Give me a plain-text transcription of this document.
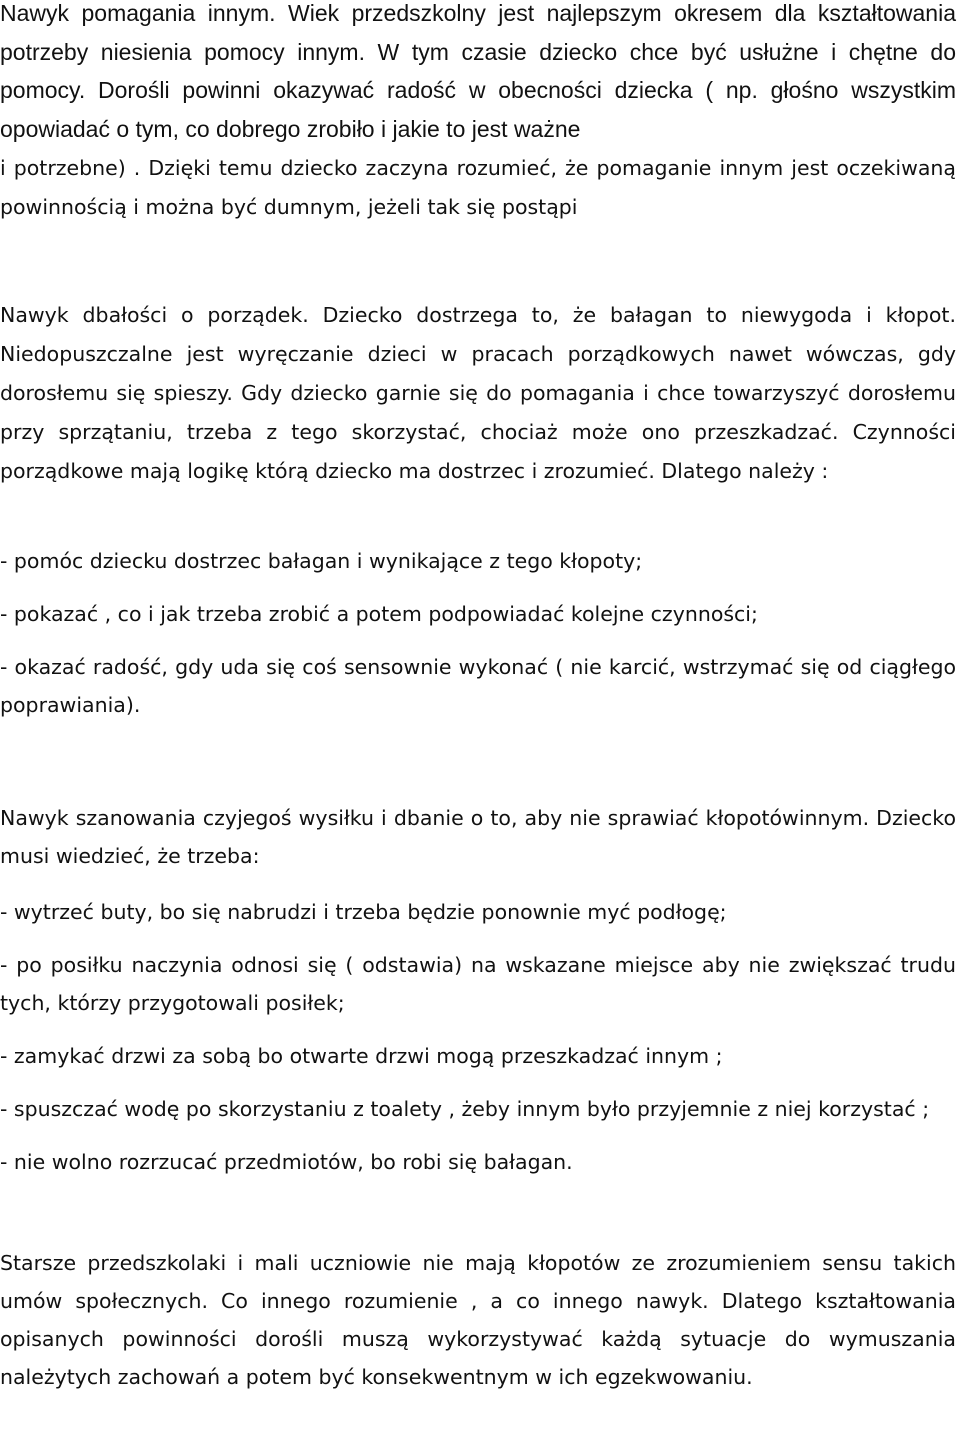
Nawyk pomagania innym. Wiek przedszkolny jest najlepszym okresem dla kształtowania potrzeby niesienia pomocy innym. W tym czasie dziecko chce być usłużne i chętne do pomocy. Dorośli powinni okazywać radość w obecności dziecka ( np. głośno wszystkim opowiadać o tym, co dobrego zrobiło i jakie to jest ważne

i potrzebne) . Dzięki temu dziecko zaczyna rozumieć, że pomaganie innym jest oczekiwaną powinnością i można być dumnym, jeżeli tak się postąpi

Nawyk dbałości o porządek. Dziecko dostrzega to, że bałagan to niewygoda i kłopot. Niedopuszczalne jest wyręczanie dzieci w pracach porządkowych nawet wówczas, gdy dorosłemu się spieszy. Gdy dziecko garnie się do pomagania i chce towarzyszyć dorosłemu przy sprzątaniu, trzeba z tego skorzystać, chociaż może ono przeszkadzać. Czynności porządkowe mają logikę którą dziecko ma dostrzec i zrozumieć. Dlatego należy :

- pomóc dziecku dostrzec bałagan i wynikające z tego kłopoty;

- pokazać , co i jak trzeba zrobić a potem podpowiadać kolejne czynności;

- okazać radość, gdy uda się coś sensownie wykonać ( nie karcić, wstrzymać się od ciągłego poprawiania).

Nawyk szanowania czyjegoś wysiłku i dbanie o to, aby nie sprawiać kłopotówinnym. Dziecko musi wiedzieć, że trzeba:

- wytrzeć buty, bo się nabrudzi i trzeba będzie ponownie myć podłogę;

- po posiłku naczynia odnosi się ( odstawia) na wskazane miejsce aby nie zwiększać trudu tych, którzy przygotowali posiłek;

- zamykać drzwi za sobą bo otwarte drzwi mogą przeszkadzać innym ;

- spuszczać wodę po skorzystaniu z toalety , żeby innym było przyjemnie z niej korzystać ;

- nie wolno rozrzucać przedmiotów, bo robi się bałagan.

Starsze przedszkolaki i mali uczniowie nie mają kłopotów ze zrozumieniem sensu takich umów społecznych. Co innego rozumienie , a co innego nawyk. Dlatego kształtowania opisanych powinności dorośli muszą wykorzystywać każdą sytuacje do wymuszania należytych zachowań a potem być konsekwentnym w ich egzekwowaniu.
